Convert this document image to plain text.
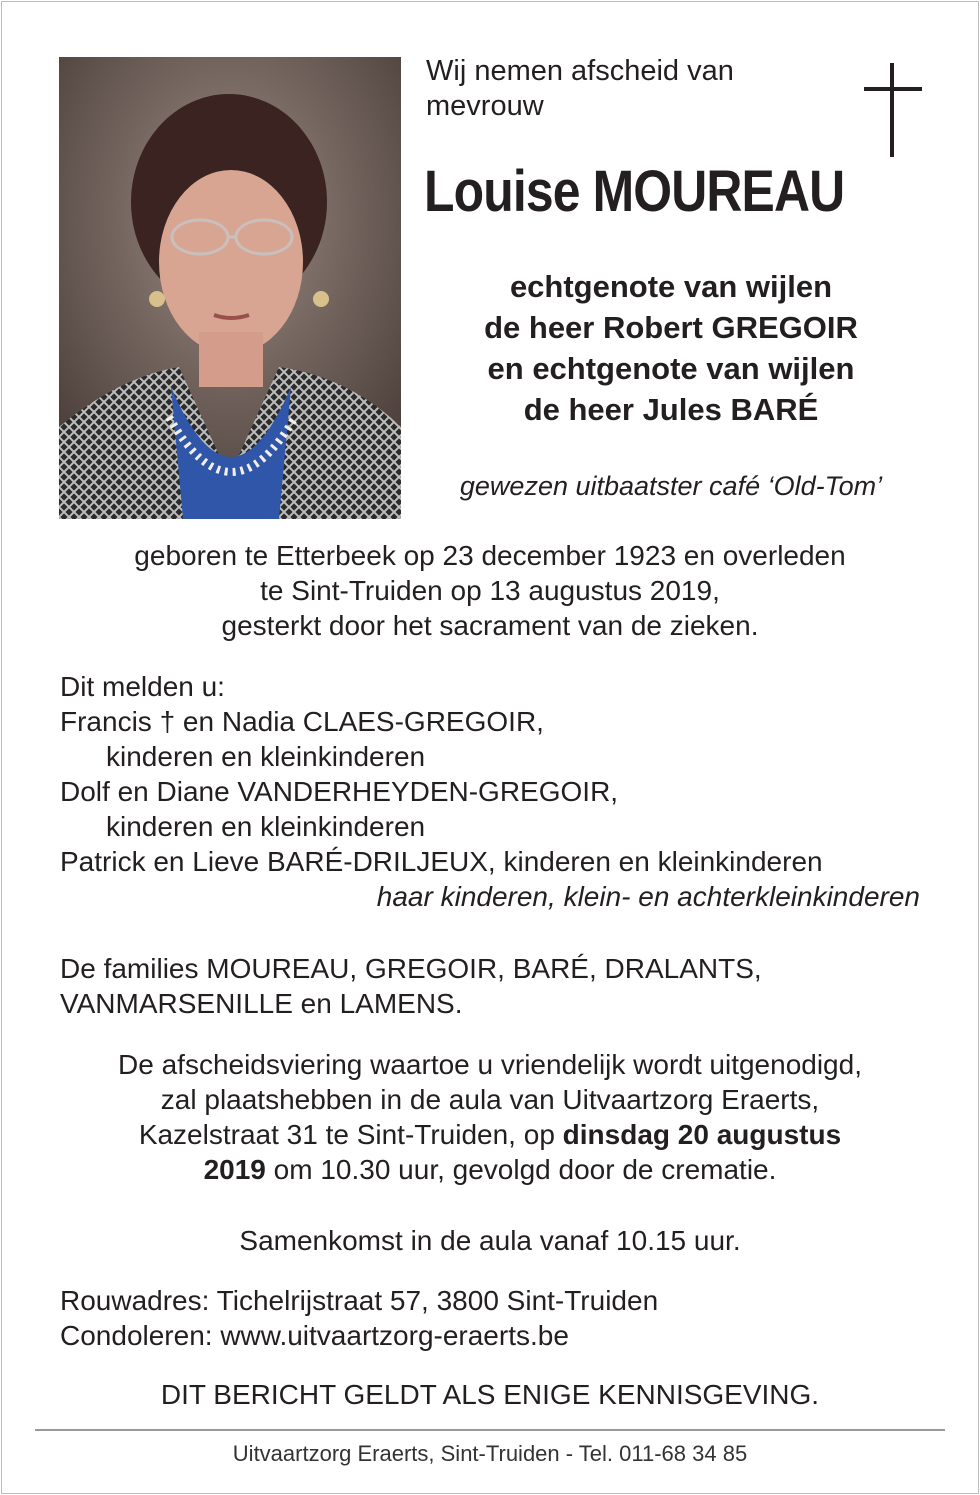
Wij nemen afscheid van
mevrouw
Louise MOUREAU
echtgenote van wijlen
de heer Robert GREGOIR
en echtgenote van wijlen
de heer Jules BARÉ
gewezen uitbaatster café ‘Old-Tom’
geboren te Etterbeek op 23 december 1923 en overleden
te Sint-Truiden op 13 augustus 2019,
gesterkt door het sacrament van de zieken.
Dit melden u:
Francis † en Nadia CLAES-GREGOIR,
kinderen en kleinkinderen
Dolf en Diane VANDERHEYDEN-GREGOIR,
kinderen en kleinkinderen
Patrick en Lieve BARÉ-DRILJEUX, kinderen en kleinkinderen
haar kinderen, klein- en achterkleinkinderen
De families MOUREAU, GREGOIR, BARÉ, DRALANTS,
VANMARSENILLE en LAMENS.
De afscheidsviering waartoe u vriendelijk wordt uitgenodigd,
zal plaatshebben in de aula van Uitvaartzorg Eraerts,
Kazelstraat 31 te Sint-Truiden, op dinsdag 20 augustus
2019 om 10.30 uur, gevolgd door de crematie.
Samenkomst in de aula vanaf 10.15 uur.
Rouwadres: Tichelrijstraat 57, 3800 Sint-Truiden
Condoleren: www.uitvaartzorg-eraerts.be
DIT BERICHT GELDT ALS ENIGE KENNISGEVING.
Uitvaartzorg Eraerts, Sint-Truiden - Tel. 011-68 34 85
